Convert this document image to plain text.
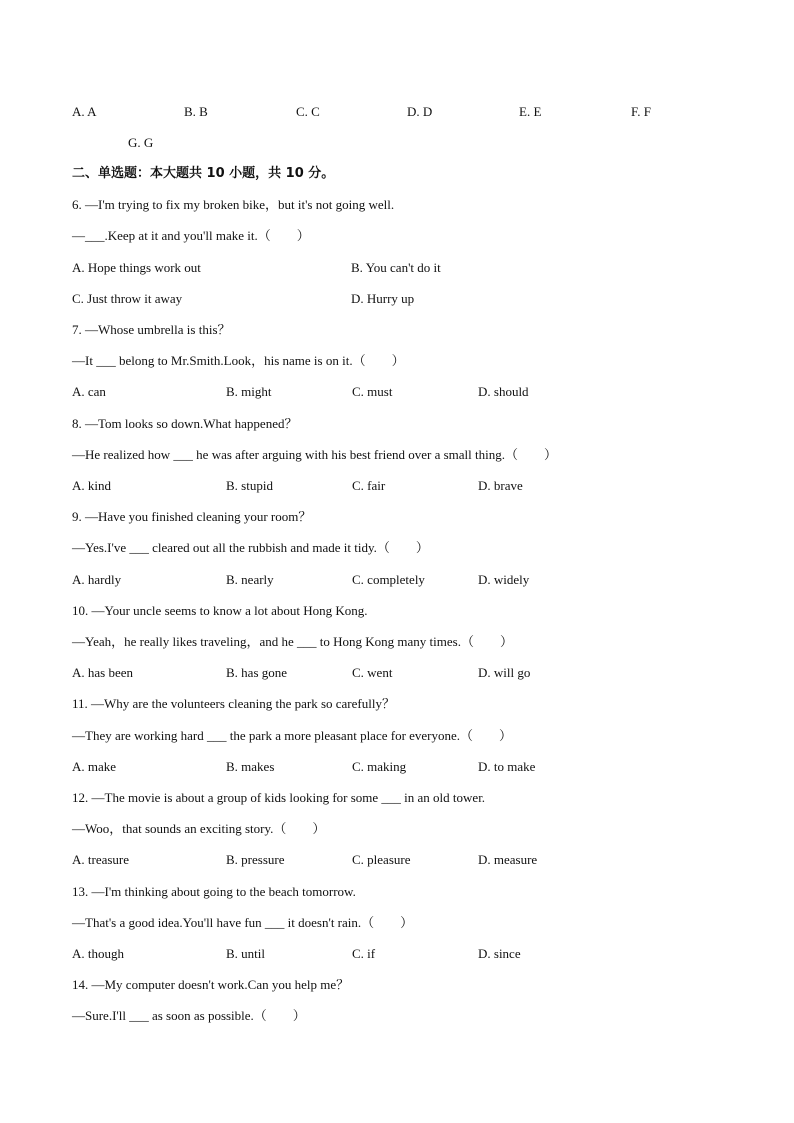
A. A	B. B	C. C	D. D	E. E	F. F
G. G
二、单选题：本大题共 10 小题，共 10 分。
6. —I'm trying to fix my broken bike，but it's not going well.
—___.Keep at it and you'll make it.（　　）
A. Hope things work out	B. You can't do it
C. Just throw it away	D. Hurry up
7. —Whose umbrella is this？
—It ___ belong to Mr.Smith.Look，his name is on it.（　　）
A. can	B. might	C. must	D. should
8. —Tom looks so down.What happened？
—He realized how ___ he was after arguing with his best friend over a small thing.（　　）
A. kind	B. stupid	C. fair	D. brave
9. —Have you finished cleaning your room？
—Yes.I've ___ cleared out all the rubbish and made it tidy.（　　）
A. hardly	B. nearly	C. completely	D. widely
10. —Your uncle seems to know a lot about Hong Kong.
—Yeah，he really likes traveling，and he ___ to Hong Kong many times.（　　）
A. has been	B. has gone	C. went	D. will go
11. —Why are the volunteers cleaning the park so carefully？
—They are working hard ___ the park a more pleasant place for everyone.（　　）
A. make	B. makes	C. making	D. to make
12. —The movie is about a group of kids looking for some ___ in an old tower.
—Woo，that sounds an exciting story.（　　）
A. treasure	B. pressure	C. pleasure	D. measure
13. —I'm thinking about going to the beach tomorrow.
—That's a good idea.You'll have fun ___ it doesn't rain.（　　）
A. though	B. until	C. if	D. since
14. —My computer doesn't work.Can you help me？
—Sure.I'll ___ as soon as possible.（　　）
